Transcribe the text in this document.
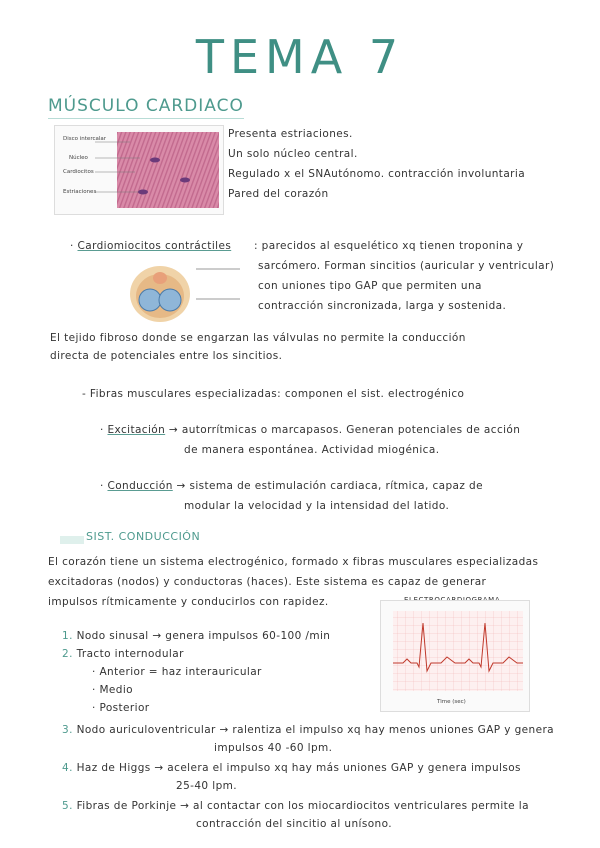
TEMA 7
MÚSCULO CARDIACO
Disco intercalar
Núcleo
Cardiocitos
Estriaciones
Presenta estriaciones.
Un solo núcleo central.
Regulado x el SNAutónomo. contracción involuntaria
Pared del corazón
· Cardiomiocitos contráctiles : parecidos al esquelético xq tienen troponina y
sarcómero. Forman sincitios (auricular y ventricular)
con uniones tipo GAP que permiten una
contracción sincronizada, larga y sostenida.
El tejido fibroso donde se engarzan las válvulas no permite la conducción
directa de potenciales entre los sincitios.
- Fibras musculares especializadas: componen el sist. electrogénico
· Excitación → autorrítmicas o marcapasos. Generan potenciales de acción
de manera espontánea. Actividad miogénica.
· Conducción → sistema de estimulación cardiaca, rítmica, capaz de
modular la velocidad y la intensidad del latido.
SIST. CONDUCCIÓN
El corazón tiene un sistema electrogénico, formado x fibras musculares especializadas
excitadoras (nodos) y conductoras (haces). Este sistema es capaz de generar
impulsos rítmicamente y conducirlos con rapidez.
Time (sec)
1. Nodo sinusal → genera impulsos 60-100 /min
2. Tracto internodular
· Anterior = haz interauricular
· Medio
· Posterior
3. Nodo auriculoventricular → ralentiza el impulso xq hay menos uniones GAP y genera
impulsos 40 -60 lpm.
4. Haz de Higgs → acelera el impulso xq hay más uniones GAP y genera impulsos
25-40 lpm.
5. Fibras de Porkinje → al contactar con los miocardiocitos ventriculares permite la
contracción del sincitio al unísono.
